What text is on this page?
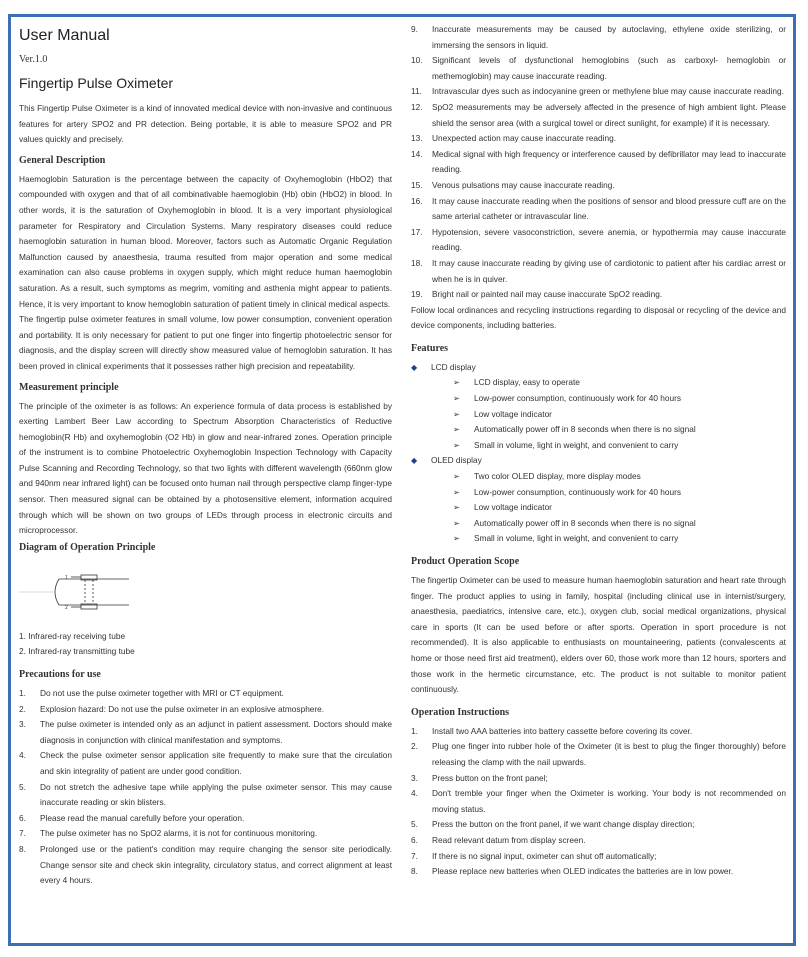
User Manual
Ver.1.0
Fingertip Pulse Oximeter

This Fingertip Pulse Oximeter is a kind of innovated medical device with non-invasive and continuous features for artery SPO2 and PR detection. Being portable, it is able to measure SPO2 and PR values quickly and precisely.

General Description

Haemoglobin Saturation is the percentage between the capacity of Oxyhemoglobin (HbO2) that compounded with oxygen and that of all combinativable haemoglobin (Hb) obin (HbO2) in blood. In other words, it is the saturation of Oxyhemoglobin in blood. It is a very important physiological parameter for Respiratory and Circulation Systems. Many respiratory diseases could reduce haemoglobin saturation in human blood. Moreover, factors such as Automatic Organic Regulation Malfunction caused by anaesthesia, trauma resulted from major operation and some medical examination can also cause problems in oxygen supply, which might reduce human haemoglobin saturation. As a result, such symptoms as megrim, vomiting and asthenia might appear to patients. Hence, it is very important to know hemoglobin saturation of patient timely in clinical medical aspects.

The fingertip pulse oximeter features in small volume, low power consumption, convenient operation and portability. It is only necessary for patient to put one finger into fingertip photoelectric sensor for diagnosis, and the display screen will directly show measured value of hemoglobin saturation. It has been proved in clinical experiments that it possesses rather high precision and repeatability.

Measurement principle

The principle of the oximeter is as follows: An experience formula of data process is established by exerting Lambert Beer Law according to Spectrum Absorption Characteristics of Reductive hemoglobin(R Hb) and oxyhemoglobin (O2 Hb) in glow and near-infrared zones. Operation principle of the instrument is to combine Photoelectric Oxyhemoglobin Inspection Technology with Capacity Pulse Scanning and Recording Technology, so that two lights with different wavelength (660nm glow and 940nm near infrared light) can be focused onto human nail through perspective clamp finger-type sensor. Then measured signal can be obtained by a photosensitive element, information acquired through which will be shown on two groups of LEDs through process in electronic circuits and microprocessor.

Diagram of Operation Principle
1
2

1. Infrared-ray receiving tube

2. Infrared-ray transmitting tube

Precautions for use
1.	Do not use the pulse oximeter together with MRI or CT equipment.
2.	Explosion hazard: Do not use the pulse oximeter in an explosive atmosphere.
3.	The pulse oximeter is intended only as an adjunct in patient assessment. Doctors should make diagnosis in conjunction with clinical manifestation and symptoms.
4.	Check the pulse oximeter sensor application site frequently to make sure that the circulation and skin integrality of patient are under good condition.
5.	Do not stretch the adhesive tape while applying the pulse oximeter sensor. This may cause inaccurate reading or skin blisters.
6.	Please read the manual carefully before your operation.
7.	The pulse oximeter has no SpO2 alarms, it is not for continuous monitoring.
8.	Prolonged use or the patient's condition may require changing the sensor site periodically. Change sensor site and check skin integrality, circulatory status, and correct alignment at least every 4 hours.
9.	Inaccurate measurements may be caused by autoclaving, ethylene oxide sterilizing, or immersing the sensors in liquid.
10.	Significant levels of dysfunctional hemoglobins (such as carboxyl- hemoglobin or methemoglobin) may cause inaccurate reading.
11.	Intravascular dyes such as indocyanine green or methylene blue may cause inaccurate reading.
12.	SpO2 measurements may be adversely affected in the presence of high ambient light. Please shield the sensor area (with a surgical towel or direct sunlight, for example) if it is necessary.
13.	Unexpected action may cause inaccurate reading.
14.	Medical signal with high frequency or interference caused by defibrillator may lead to inaccurate reading.
15.	Venous pulsations may cause inaccurate reading.
16.	It may cause inaccurate reading when the positions of sensor and blood pressure cuff are on the same arterial catheter or intravascular line.
17.	Hypotension, severe vasoconstriction, severe anemia, or hypothermia may cause inaccurate reading.
18.	It may cause inaccurate reading by giving use of cardiotonic to patient after his cardiac arrest or when he is in quiver.
19.	Bright nail or painted nail may cause inaccurate SpO2 reading.

Follow local ordinances and recycling instructions regarding to disposal or recycling of the device and device components, including batteries.

Features
◆	LCD display
➢	LCD display, easy to operate
➢	Low-power consumption, continuously work for 40 hours
➢	Low voltage indicator
➢	Automatically power off in 8 seconds when there is no signal
➢	Small in volume, light in weight, and convenient to carry
◆	OLED display
➢	Two color OLED display, more display modes
➢	Low-power consumption, continuously work for 40 hours
➢	Low voltage indicator
➢	Automatically power off in 8 seconds when there is no signal
➢	Small in volume, light in weight, and convenient to carry
Product Operation Scope

The fingertip Oximeter can be used to measure human haemoglobin saturation and heart rate through finger. The product applies to using in family, hospital (including clinical use in internist/surgery, anaesthesia, paediatrics, intensive care, etc.), oxygen club, social medical organizations, physical care in sports (It can be used before or after sports. Operation in sport procedure is not recommended). It is also applicable to enthusiasts on mountaineering, patients (convalescents at home or those need first aid treatment), elders over 60, those work more than 12 hours, sporters and those work in the hermetic circumstance, etc. The product is not suitable to monitor patient continuously.

Operation Instructions
1.	Install two AAA batteries into battery cassette before covering its cover.
2.	Plug one finger into rubber hole of the Oximeter (it is best to plug the finger thoroughly) before releasing the clamp with the nail upwards.
3.	Press button on the front panel;
4.	Don't tremble your finger when the Oximeter is working. Your body is not recommended on moving status.
5.	Press the button on the front panel, if we want change display direction;
6.	Read relevant datum from display screen.
7.	If there is no signal input, oximeter can shut off automatically;
8.	Please replace new batteries when OLED indicates the batteries are in low power.
